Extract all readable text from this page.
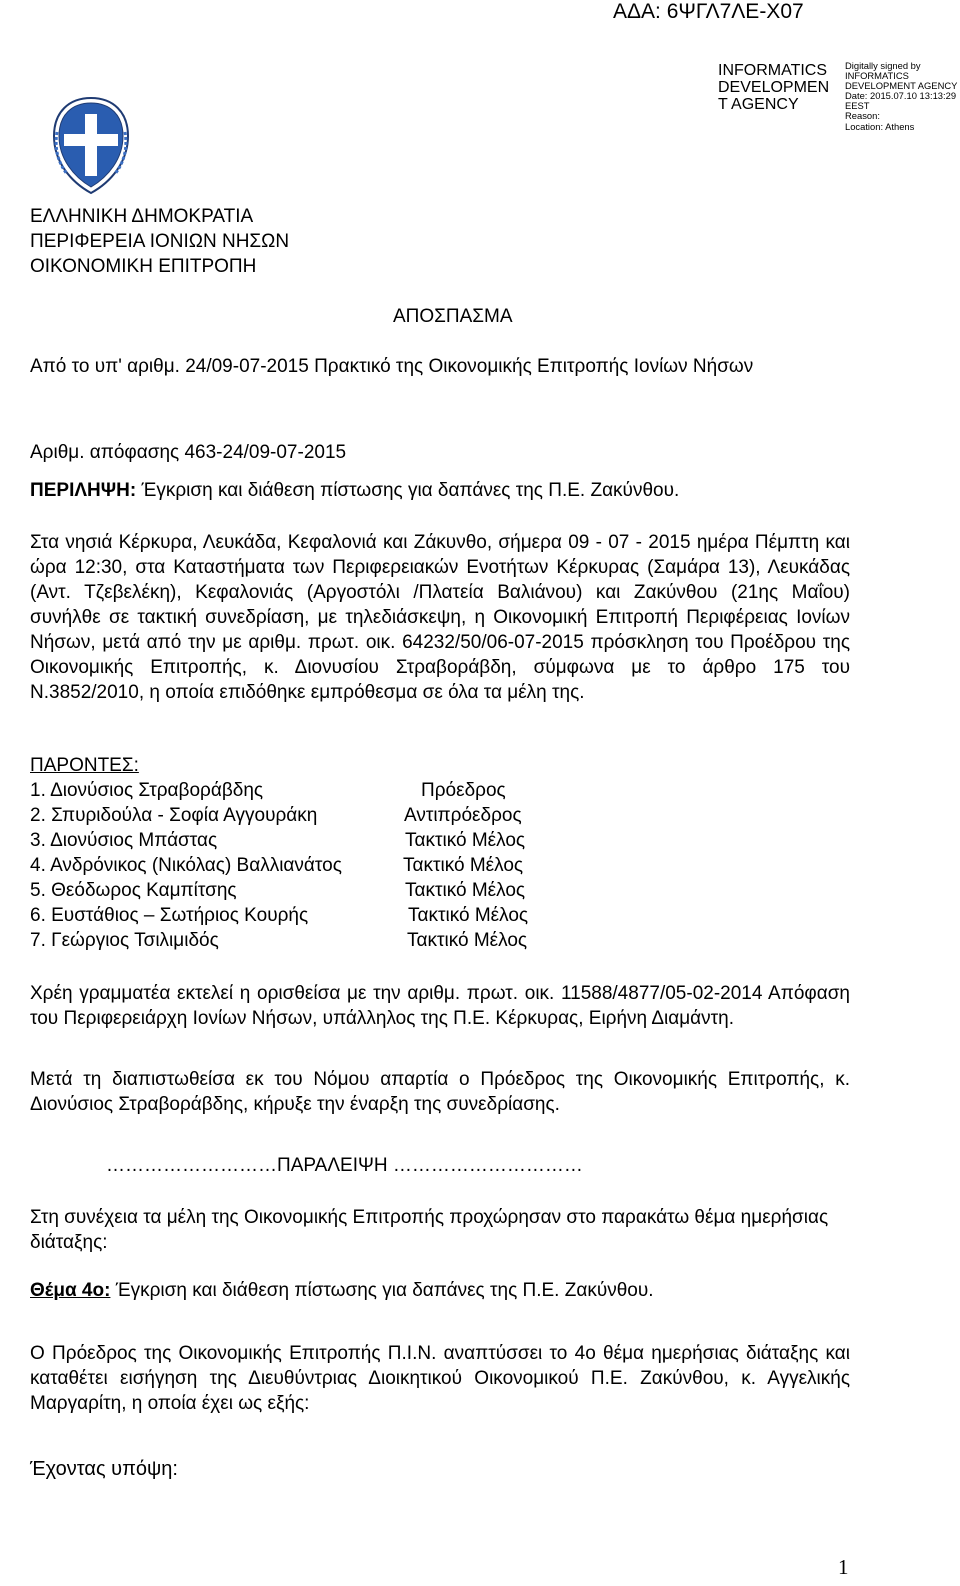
ΑΔΑ: 6ΨΓΛ7ΛΕ-Χ07
INFORMATICS DEVELOPMEN T AGENCY
Digitally signed by
INFORMATICS
DEVELOPMENT AGENCY
Date: 2015.07.10 13:13:29
EEST
Reason:
Location: Athens
ΕΛΛΗΝΙΚΗ ΔΗΜΟΚΡΑΤΙΑ
ΠΕΡΙΦΕΡΕΙΑ ΙΟΝΙΩΝ ΝΗΣΩΝ
ΟΙΚΟΝΟΜΙΚΗ ΕΠΙΤΡΟΠΗ
ΑΠΟΣΠΑΣΜΑ
Από το υπ' αριθμ. 24/09-07-2015 Πρακτικό της Οικονομικής Επιτροπής Ιονίων Νήσων
Αριθμ. απόφασης 463-24/09-07-2015
ΠΕΡΙΛΗΨΗ: Έγκριση και διάθεση πίστωσης για δαπάνες της Π.Ε. Ζακύνθου.
Στα νησιά Κέρκυρα, Λευκάδα, Κεφαλονιά και Ζάκυνθο, σήμερα 09 - 07 - 2015 ημέρα Πέμπτη και ώρα 12:30, στα Καταστήματα των Περιφερειακών Ενοτήτων Κέρκυρας (Σαμάρα 13), Λευκάδας (Αντ. Τζεβελέκη), Κεφαλονιάς (Αργοστόλι /Πλατεία Βαλιάνου) και Ζακύνθου (21ης Μαΐου) συνήλθε σε τακτική συνεδρίαση, με τηλεδιάσκεψη, η Οικονομική Επιτροπή Περιφέρειας Ιονίων Νήσων, μετά από την με αριθμ. πρωτ. οικ. 64232/50/06-07-2015 πρόσκληση του Προέδρου της Οικονομικής Επιτροπής, κ. Διονυσίου Στραβοράβδη, σύμφωνα με το άρθρο 175 του Ν.3852/2010, η οποία επιδόθηκε εμπρόθεσμα σε όλα τα μέλη της.
ΠΑΡΟΝΤΕΣ:
1. Διονύσιος Στραβοράβδης	Πρόεδρος
2. Σπυριδούλα - Σοφία Αγγουράκη	Αντιπρόεδρος
3. Διονύσιος Μπάστας	Τακτικό Μέλος
4. Ανδρόνικος (Νικόλας) Βαλλιανάτος	Τακτικό Μέλος
5. Θεόδωρος Καμπίτσης	Τακτικό Μέλος
6. Ευστάθιος – Σωτήριος Κουρής	Τακτικό Μέλος
7. Γεώργιος Τσιλιμιδός	Τακτικό Μέλος
Χρέη γραμματέα εκτελεί η ορισθείσα με την αριθμ. πρωτ. οικ. 11588/4877/05-02-2014 Απόφαση του Περιφερειάρχη Ιονίων Νήσων, υπάλληλος της Π.Ε. Κέρκυρας, Ειρήνη Διαμάντη.
Μετά τη διαπιστωθείσα εκ του Νόμου απαρτία ο Πρόεδρος της Οικονομικής Επιτροπής, κ. Διονύσιος Στραβοράβδης, κήρυξε την έναρξη της συνεδρίασης.
………………………ΠΑΡΑΛΕΙΨΗ …………………………
Στη συνέχεια τα μέλη της Οικονομικής Επιτροπής προχώρησαν στο παρακάτω θέμα ημερήσιας διάταξης:
Θέμα 4ο: Έγκριση και διάθεση πίστωσης για δαπάνες της Π.Ε. Ζακύνθου.
Ο Πρόεδρος της Οικονομικής Επιτροπής Π.Ι.Ν. αναπτύσσει το 4ο θέμα ημερήσιας διάταξης και καταθέτει εισήγηση της Διευθύντριας Διοικητικού Οικονομικού Π.Ε. Ζακύνθου, κ. Αγγελικής Μαργαρίτη, η οποία έχει ως εξής:
Έχοντας υπόψη:
1
